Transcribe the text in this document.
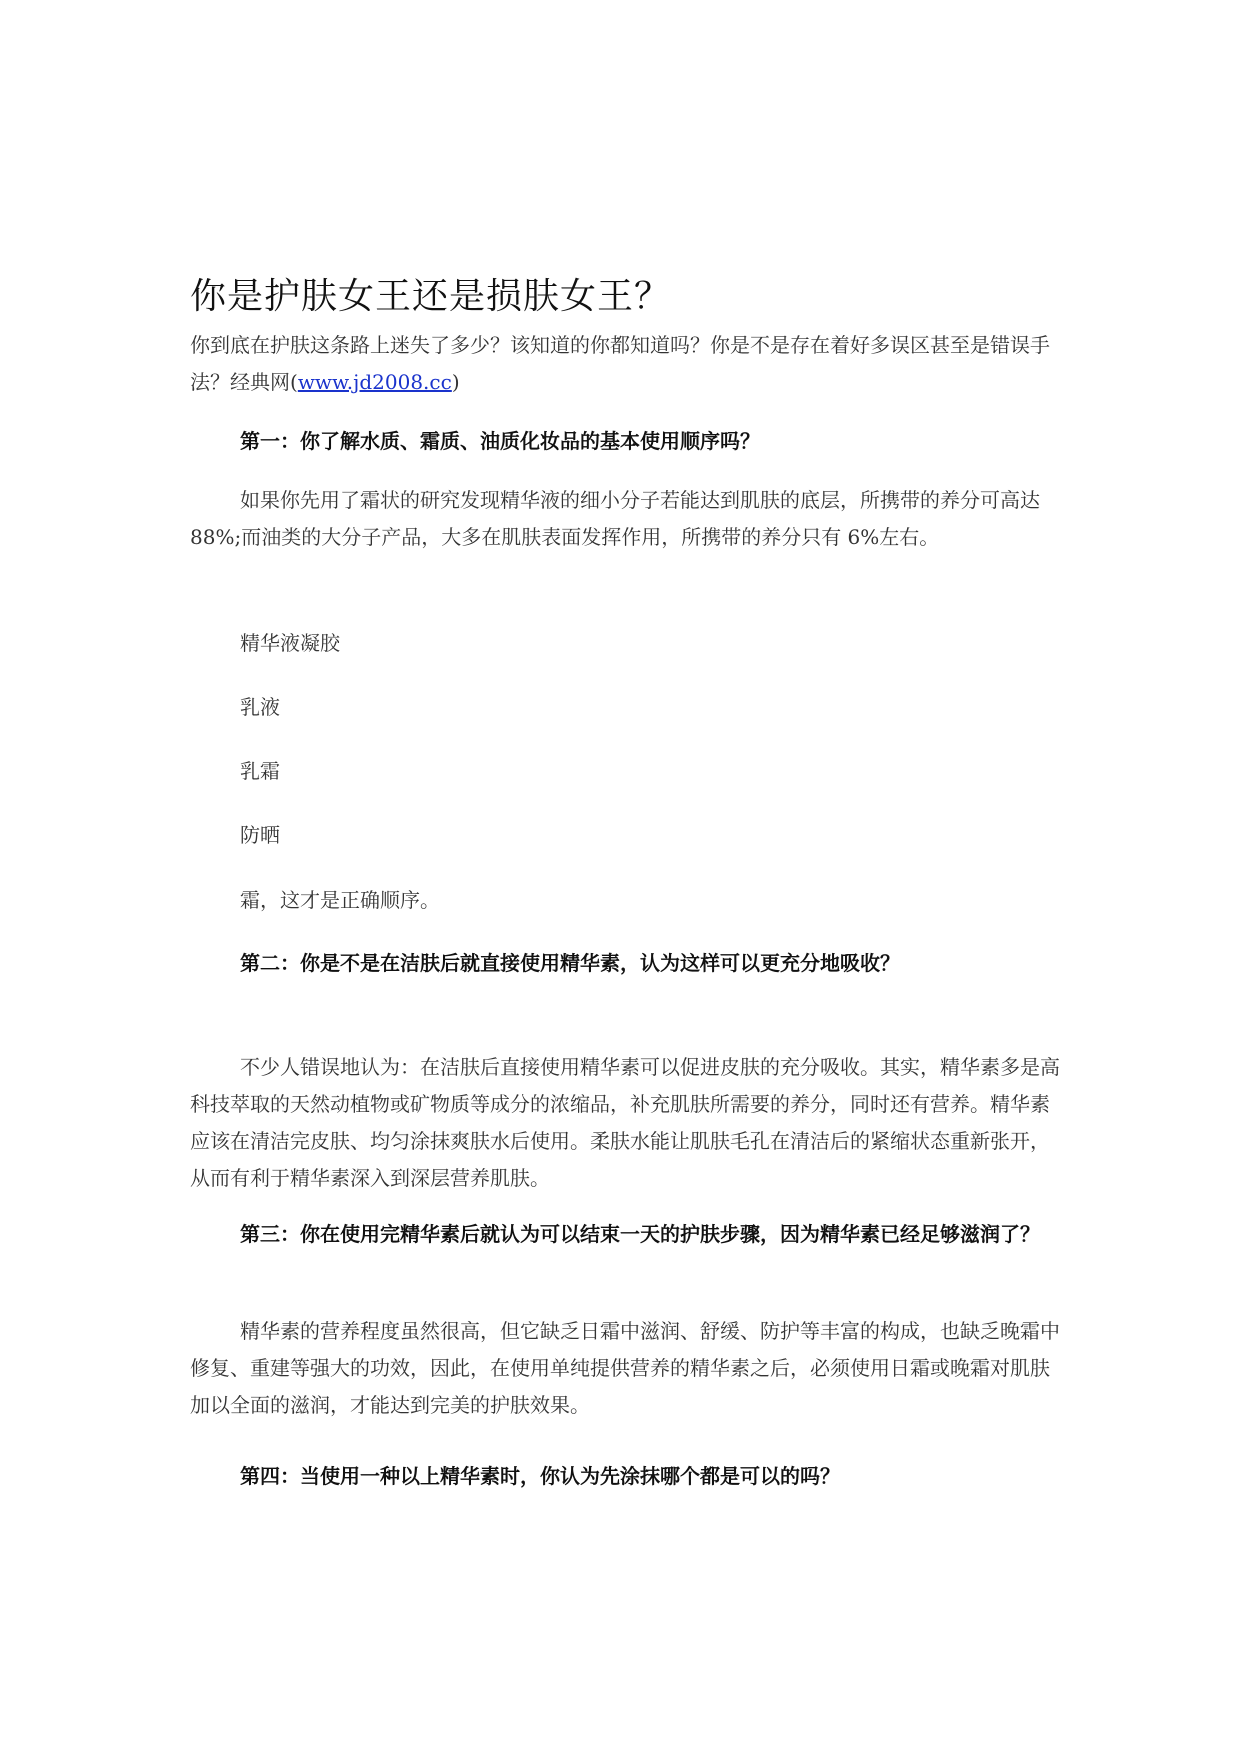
你是护肤女王还是损肤女王？

你到底在护肤这条路上迷失了多少？该知道的你都知道吗？你是不是存在着好多误区甚至是错误手法？经典网(www.jd2008.cc)

第一：你了解水质、霜质、油质化妆品的基本使用顺序吗？

如果你先用了霜状的研究发现精华液的细小分子若能达到肌肤的底层，所携带的养分可高达 88%;而油类的大分子产品，大多在肌肤表面发挥作用，所携带的养分只有 6%左右。

精华液凝胶

乳液

乳霜

防晒

霜，这才是正确顺序。

第二：你是不是在洁肤后就直接使用精华素，认为这样可以更充分地吸收？

不少人错误地认为：在洁肤后直接使用精华素可以促进皮肤的充分吸收。其实，精华素多是高科技萃取的天然动植物或矿物质等成分的浓缩品，补充肌肤所需要的养分，同时还有营养。精华素应该在清洁完皮肤、均匀涂抹爽肤水后使用。柔肤水能让肌肤毛孔在清洁后的紧缩状态重新张开，从而有利于精华素深入到深层营养肌肤。

第三：你在使用完精华素后就认为可以结束一天的护肤步骤，因为精华素已经足够滋润了？

精华素的营养程度虽然很高，但它缺乏日霜中滋润、舒缓、防护等丰富的构成，也缺乏晚霜中修复、重建等强大的功效，因此，在使用单纯提供营养的精华素之后，必须使用日霜或晚霜对肌肤加以全面的滋润，才能达到完美的护肤效果。

第四：当使用一种以上精华素时，你认为先涂抹哪个都是可以的吗？
